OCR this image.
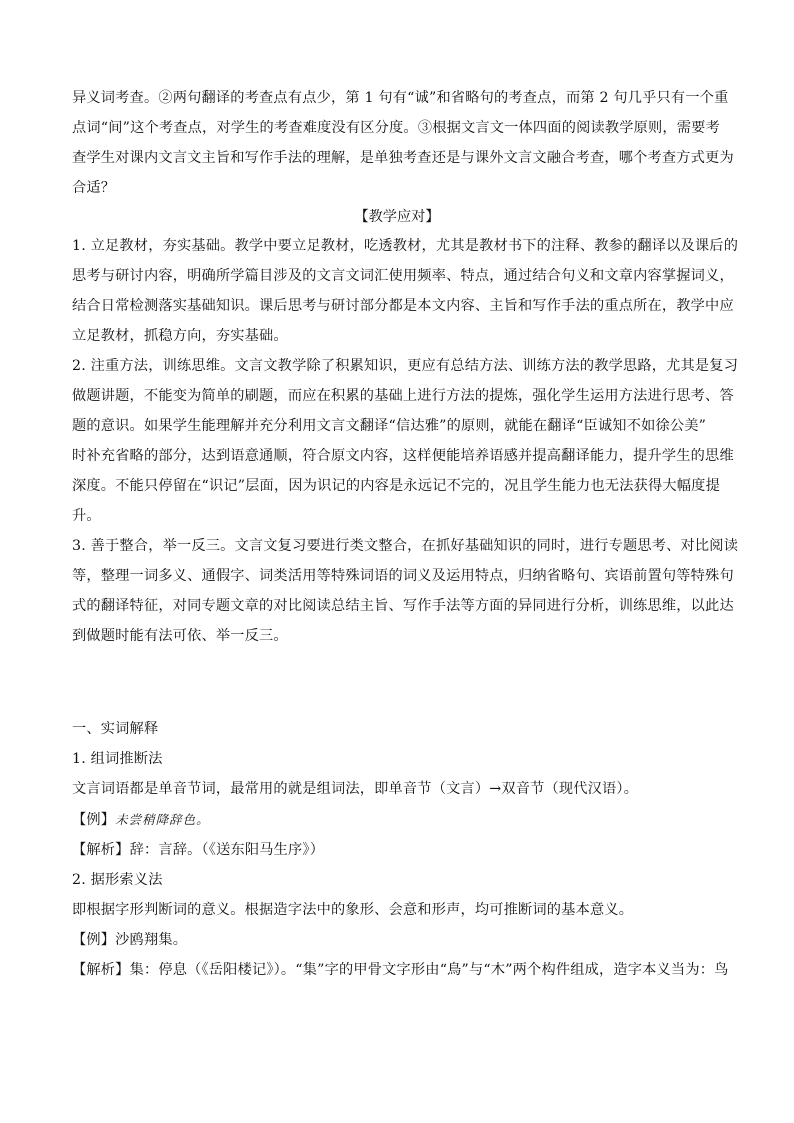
异义词考查。②两句翻译的考查点有点少，第 1 句有“诚”和省略句的考查点，而第 2 句几乎只有一个重
点词“间”这个考查点，对学生的考查难度没有区分度。③根据文言文一体四面的阅读教学原则，需要考
查学生对课内文言文主旨和写作手法的理解，是单独考查还是与课外文言文融合考查，哪个考查方式更为
合适？
【教学应对】
1. 立足教材，夯实基础。教学中要立足教材，吃透教材，尤其是教材书下的注释、教参的翻译以及课后的
思考与研讨内容，明确所学篇目涉及的文言文词汇使用频率、特点，通过结合句义和文章内容掌握词义，
结合日常检测落实基础知识。课后思考与研讨部分都是本文内容、主旨和写作手法的重点所在，教学中应
立足教材，抓稳方向，夯实基础。
2. 注重方法，训练思维。文言文教学除了积累知识，更应有总结方法、训练方法的教学思路，尤其是复习
做题讲题，不能变为简单的刷题，而应在积累的基础上进行方法的提炼，强化学生运用方法进行思考、答
题的意识。如果学生能理解并充分利用文言文翻译“信达雅”的原则，就能在翻译“臣诚知不如徐公美”
时补充省略的部分，达到语意通顺，符合原文内容，这样便能培养语感并提高翻译能力，提升学生的思维
深度。不能只停留在“识记”层面，因为识记的内容是永远记不完的，况且学生能力也无法获得大幅度提
升。
3. 善于整合，举一反三。文言文复习要进行类文整合，在抓好基础知识的同时，进行专题思考、对比阅读
等，整理一词多义、通假字、词类活用等特殊词语的词义及运用特点，归纳省略句、宾语前置句等特殊句
式的翻译特征，对同专题文章的对比阅读总结主旨、写作手法等方面的异同进行分析，训练思维，以此达
到做题时能有法可依、举一反三。
一、实词解释
1. 组词推断法
文言词语都是单音节词，最常用的就是组词法，即单音节（文言）→双音节（现代汉语）。
【例】未尝稍降辞色。
【解析】辞：言辞。（《送东阳马生序》）
2. 据形索义法
即根据字形判断词的意义。根据造字法中的象形、会意和形声，均可推断词的基本意义。
【例】沙鸥翔集。
【解析】集：停息（《岳阳楼记》）。“集”字的甲骨文字形由“鳥”与“木”两个构件组成，造字本义当为：鸟
